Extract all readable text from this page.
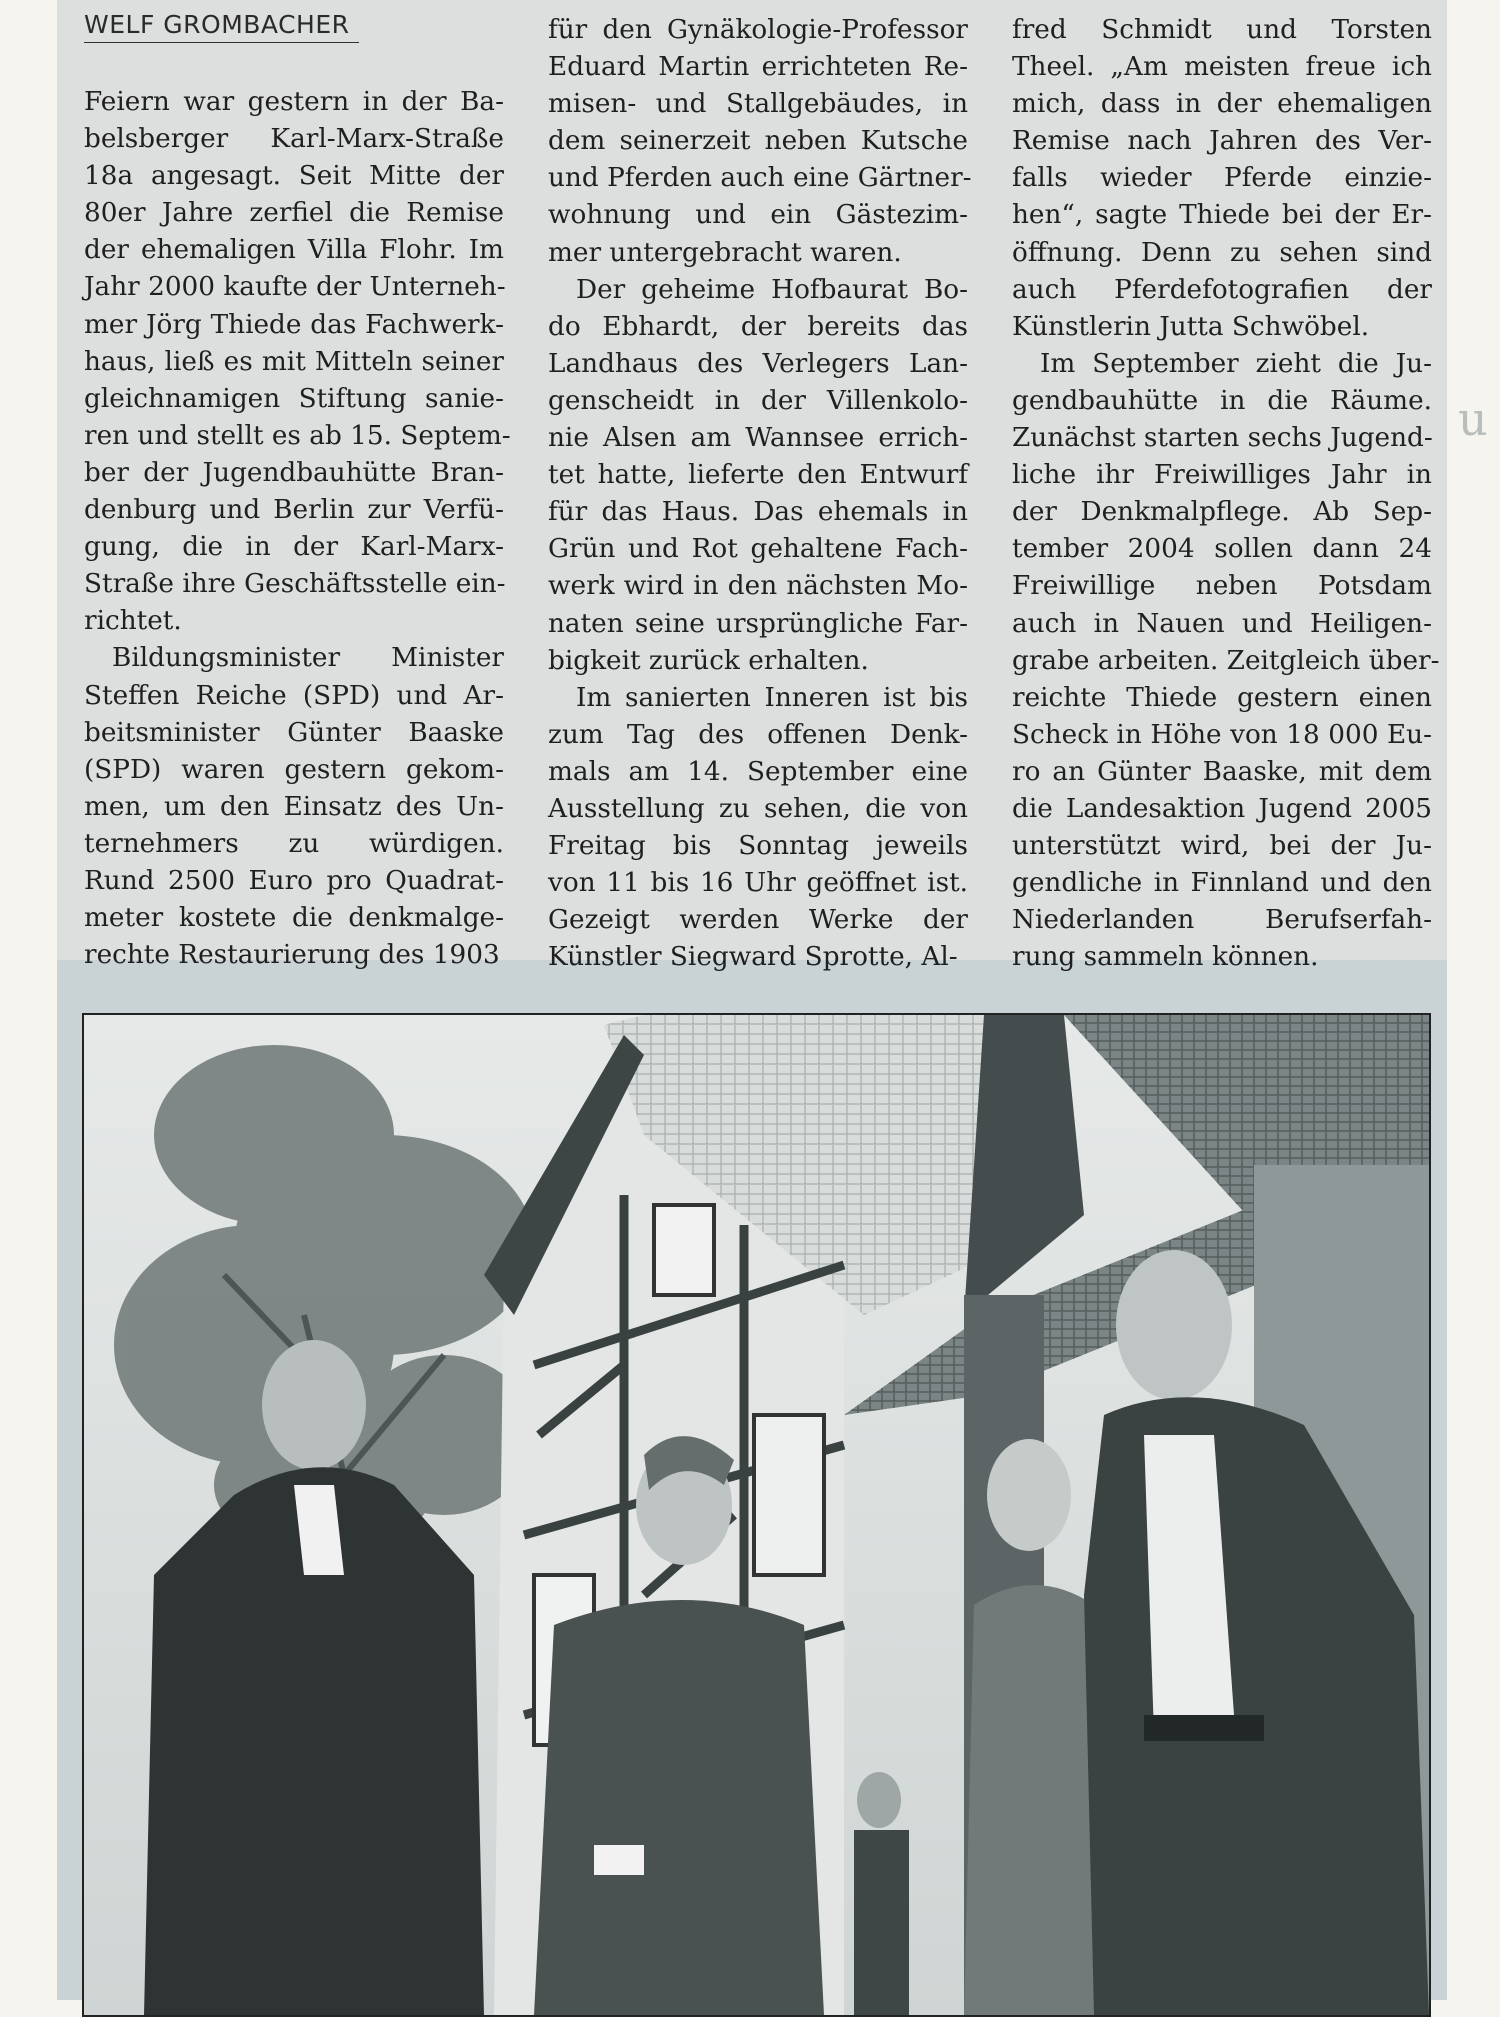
WELF GROMBACHER

Feiern war gestern in der Ba-
belsberger Karl-Marx-Straße
18a angesagt. Seit Mitte der
80er Jahre zerfiel die Remise
der ehemaligen Villa Flohr. Im
Jahr 2000 kaufte der Unterneh-
mer Jörg Thiede das Fachwerk-
haus, ließ es mit Mitteln seiner
gleichnamigen Stiftung sanie-
ren und stellt es ab 15. Septem-
ber der Jugendbauhütte Bran-
denburg und Berlin zur Verfü-
gung, die in der Karl-Marx-
Straße ihre Geschäftsstelle ein-
richtet.

Bildungsminister Minister
Steffen Reiche (SPD) und Ar-
beitsminister Günter Baaske
(SPD) waren gestern gekom-
men, um den Einsatz des Un-
ternehmers zu würdigen.
Rund 2500 Euro pro Quadrat-
meter kostete die denkmalge-
rechte Restaurierung des 1903

für den Gynäkologie-Professor
Eduard Martin errichteten Re-
misen- und Stallgebäudes, in
dem seinerzeit neben Kutsche
und Pferden auch eine Gärtner-
wohnung und ein Gästezim-
mer untergebracht waren.

Der geheime Hofbaurat Bo-
do Ebhardt, der bereits das
Landhaus des Verlegers Lan-
genscheidt in der Villenkolo-
nie Alsen am Wannsee errich-
tet hatte, lieferte den Entwurf
für das Haus. Das ehemals in
Grün und Rot gehaltene Fach-
werk wird in den nächsten Mo-
naten seine ursprüngliche Far-
bigkeit zurück erhalten.

Im sanierten Inneren ist bis
zum Tag des offenen Denk-
mals am 14. September eine
Ausstellung zu sehen, die von
Freitag bis Sonntag jeweils
von 11 bis 16 Uhr geöffnet ist.
Gezeigt werden Werke der
Künstler Siegward Sprotte, Al-

fred Schmidt und Torsten
Theel. „Am meisten freue ich
mich, dass in der ehemaligen
Remise nach Jahren des Ver-
falls wieder Pferde einzie-
hen“, sagte Thiede bei der Er-
öffnung. Denn zu sehen sind
auch Pferdefotografien der
Künstlerin Jutta Schwöbel.

Im September zieht die Ju-
gendbauhütte in die Räume.
Zunächst starten sechs Jugend-
liche ihr Freiwilliges Jahr in
der Denkmalpflege. Ab Sep-
tember 2004 sollen dann 24
Freiwillige neben Potsdam
auch in Nauen und Heiligen-
grabe arbeiten. Zeitgleich über-
reichte Thiede gestern einen
Scheck in Höhe von 18 000 Eu-
ro an Günter Baaske, mit dem
die Landesaktion Jugend 2005
unterstützt wird, bei der Ju-
gendliche in Finnland und den
Niederlanden Berufserfah-
rung sammeln können.

u
